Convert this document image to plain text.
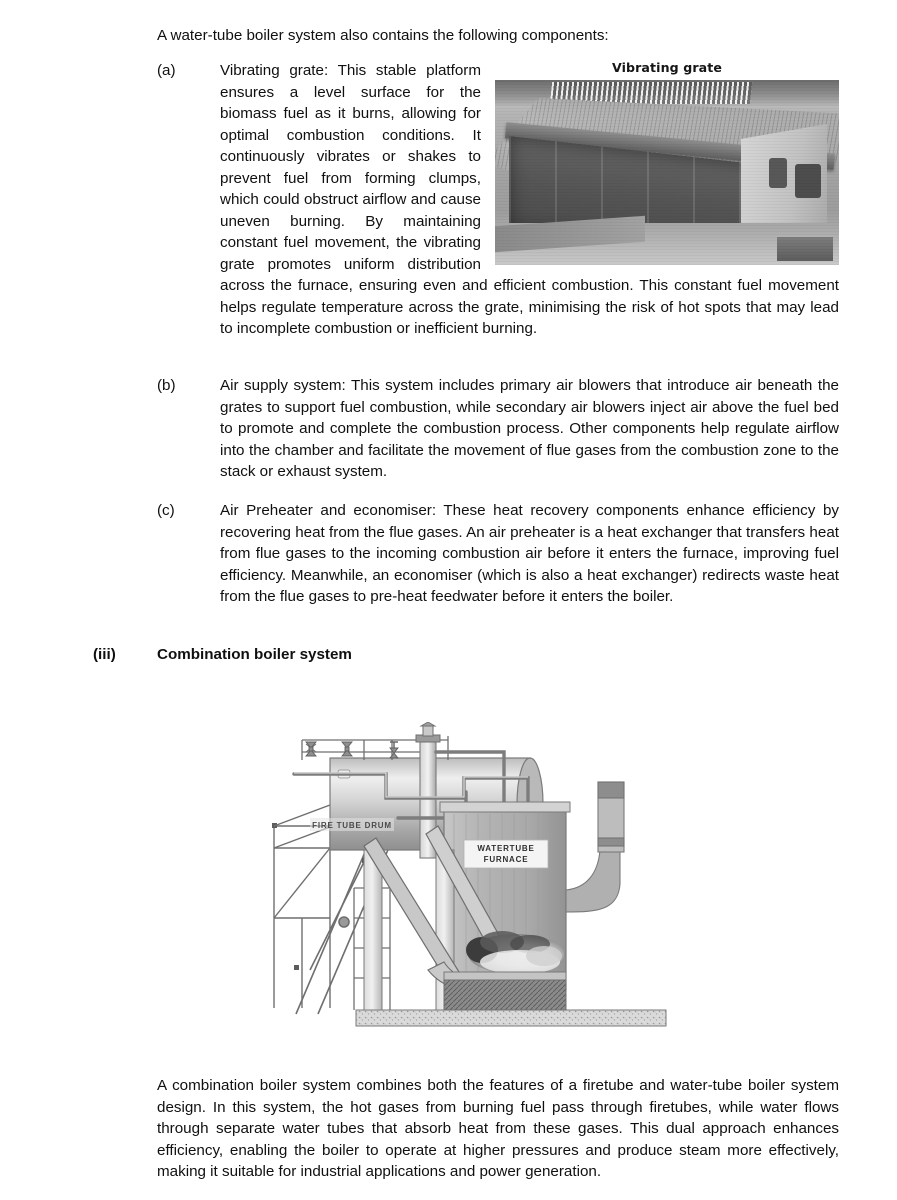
A water-tube boiler system also contains the following components:

(a)	Vibrating grate
Vibrating grate: This stable platform ensures a level surface for the biomass fuel as it burns, allowing for optimal combustion conditions. It continuously vibrates or shakes to prevent fuel from forming clumps, which could obstruct airflow and cause uneven burning. By maintaining constant fuel movement, the vibrating grate promotes uniform distribution across the furnace, ensuring even and efficient combustion. This constant fuel movement helps regulate temperature across the grate, minimising the risk of hot spots that may lead to incomplete combustion or inefficient burning.
(b)	Air supply system: This system includes primary air blowers that introduce air beneath the grates to support fuel combustion, while secondary air blowers inject air above the fuel bed to promote and complete the combustion process. Other components help regulate airflow into the chamber and facilitate the movement of flue gases from the combustion zone to the stack or exhaust system.
(c)	Air Preheater and economiser: These heat recovery components enhance efficiency by recovering heat from the flue gases. An air preheater is a heat exchanger that transfers heat from flue gases to the incoming combustion air before it enters the furnace, improving fuel efficiency. Meanwhile, an economiser (which is also a heat exchanger) redirects waste heat from the flue gases to pre-heat feedwater before it enters the boiler.
(iii)	Combination boiler system
FIRE TUBE DRUM
WATERTUBE
FURNACE

A combination boiler system combines both the features of a firetube and water-tube boiler system design. In this system, the hot gases from burning fuel pass through firetubes, while water flows through separate water tubes that absorb heat from these gases. This dual approach enhances efficiency, enabling the boiler to operate at higher pressures and produce steam more effectively, making it suitable for industrial applications and power generation.
